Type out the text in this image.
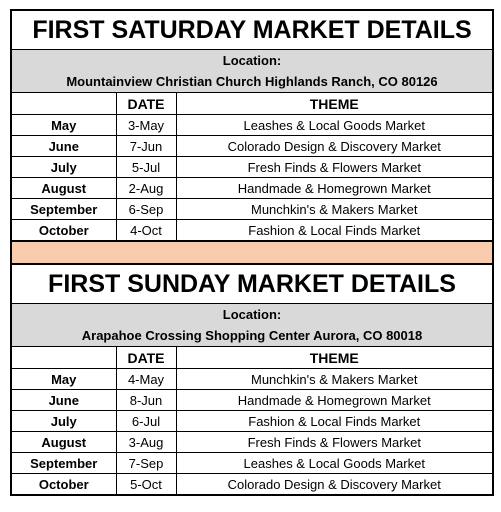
FIRST SATURDAY MARKET DETAILS
Location:
Mountainview Christian Church Highlands Ranch, CO 80126
	DATE	THEME
May	3-May	Leashes & Local Goods Market
June	7-Jun	Colorado Design & Discovery Market
July	5-Jul	Fresh Finds & Flowers Market
August	2-Aug	Handmade & Homegrown Market
September	6-Sep	Munchkin's & Makers Market
October	4-Oct	Fashion & Local Finds Market
FIRST SUNDAY MARKET DETAILS
Location:
Arapahoe Crossing Shopping Center Aurora, CO 80018
	DATE	THEME
May	4-May	Munchkin's & Makers Market
June	8-Jun	Handmade & Homegrown Market
July	6-Jul	Fashion & Local Finds Market
August	3-Aug	Fresh Finds & Flowers Market
September	7-Sep	Leashes & Local Goods Market
October	5-Oct	Colorado Design & Discovery Market
